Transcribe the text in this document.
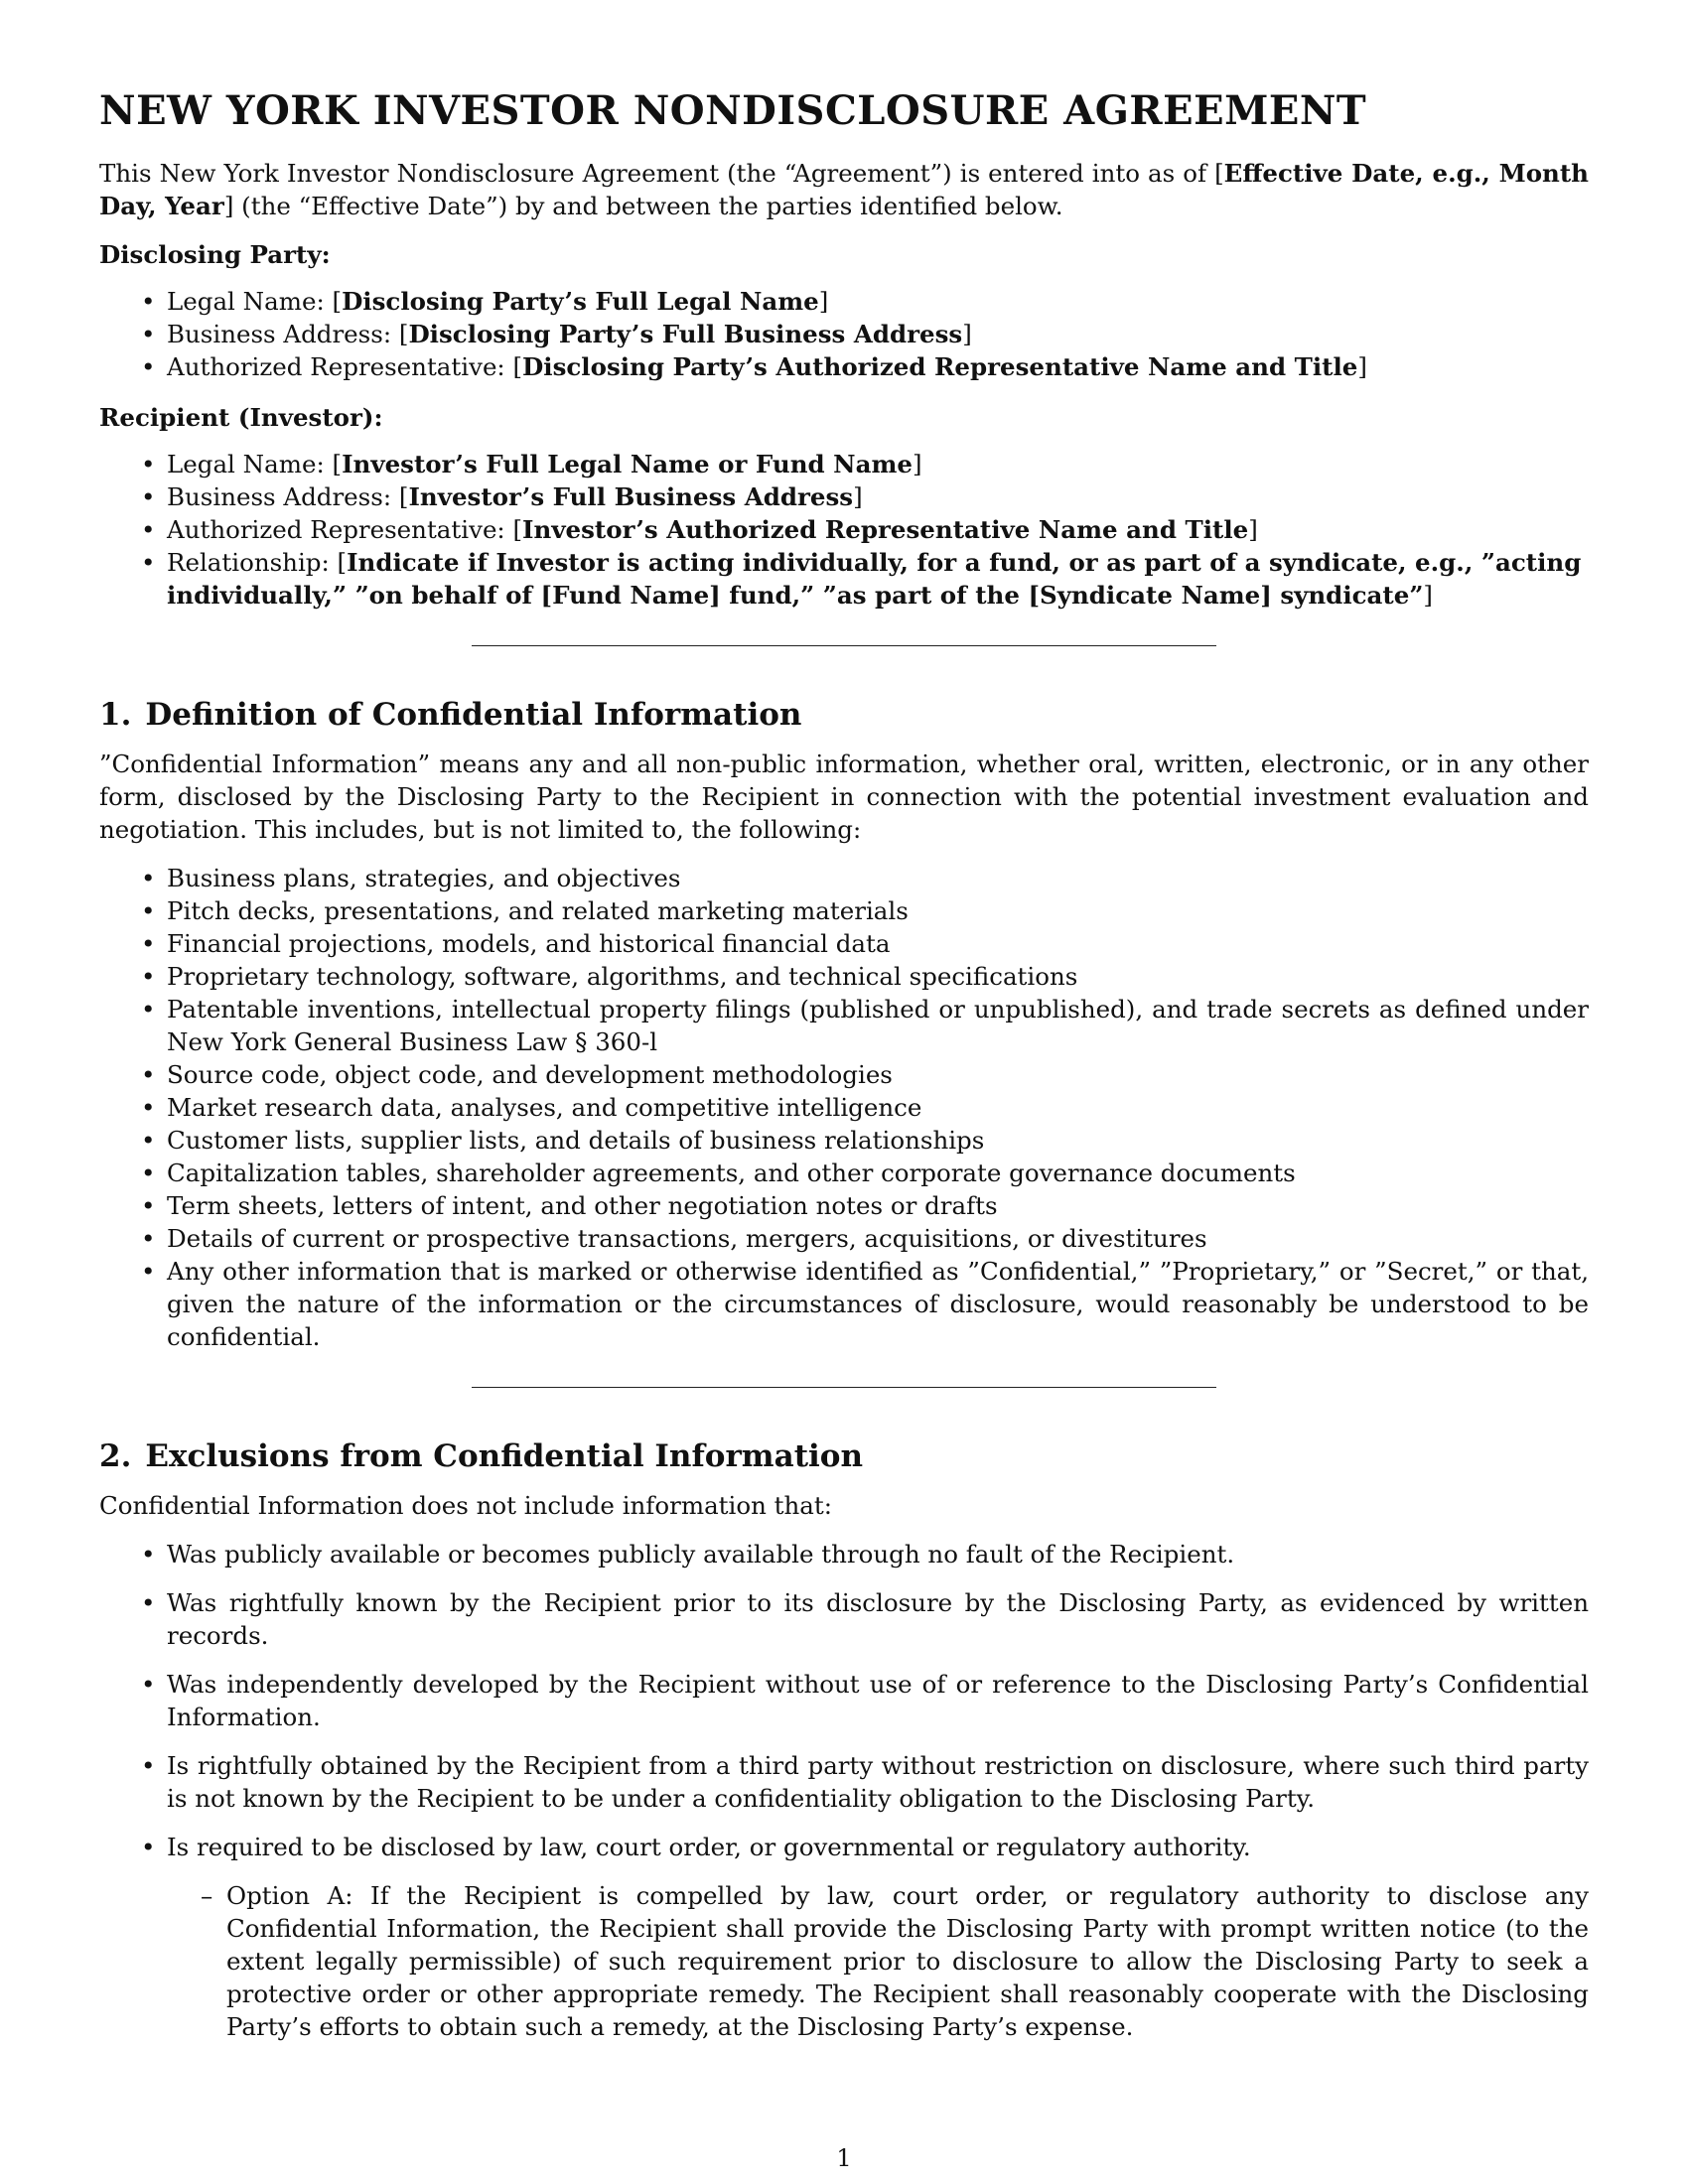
NEW YORK INVESTOR NONDISCLOSURE AGREEMENT

This New York Investor Nondisclosure Agreement (the “Agreement”) is entered into as of [Effective Date, e.g., Month Day, Year] (the “Effective Date”) by and between the parties identified below.

Disclosing Party:
• Legal Name: [Disclosing Party’s Full Legal Name]
• Business Address: [Disclosing Party’s Full Business Address]
• Authorized Representative: [Disclosing Party’s Authorized Representative Name and Title]
Recipient (Investor):
• Legal Name: [Investor’s Full Legal Name or Fund Name]
• Business Address: [Investor’s Full Business Address]
• Authorized Representative: [Investor’s Authorized Representative Name and Title]
• Relationship: [Indicate if Investor is acting individually, for a fund, or as part of a syndicate, e.g., ”acting individually,” ”on behalf of [Fund Name] fund,” ”as part of the [Syndicate Name] syndicate”]
1. Definition of Confidential Information

”Confidential Information” means any and all non-public information, whether oral, written, electronic, or in any other form, disclosed by the Disclosing Party to the Recipient in connection with the potential investment evaluation and negotiation. This includes, but is not limited to, the following:

• Business plans, strategies, and objectives
• Pitch decks, presentations, and related marketing materials
• Financial projections, models, and historical financial data
• Proprietary technology, software, algorithms, and technical specifications
• Patentable inventions, intellectual property filings (published or unpublished), and trade secrets as defined under New York General Business Law § 360-l
• Source code, object code, and development methodologies
• Market research data, analyses, and competitive intelligence
• Customer lists, supplier lists, and details of business relationships
• Capitalization tables, shareholder agreements, and other corporate governance documents
• Term sheets, letters of intent, and other negotiation notes or drafts
• Details of current or prospective transactions, mergers, acquisitions, or divestitures
• Any other information that is marked or otherwise identified as ”Confidential,” ”Proprietary,” or ”Secret,” or that, given the nature of the information or the circumstances of disclosure, would reasonably be understood to be confidential.
2. Exclusions from Confidential Information

Confidential Information does not include information that:

• Was publicly available or becomes publicly available through no fault of the Recipient.
• Was rightfully known by the Recipient prior to its disclosure by the Disclosing Party, as evidenced by written records.
• Was independently developed by the Recipient without use of or reference to the Disclosing Party’s Confidential Information.
• Is rightfully obtained by the Recipient from a third party without restriction on disclosure, where such third party is not known by the Recipient to be under a confidentiality obligation to the Disclosing Party.
• Is required to be disclosed by law, court order, or governmental or regulatory authority.
– Option A: If the Recipient is compelled by law, court order, or regulatory authority to disclose any Confidential Information, the Recipient shall provide the Disclosing Party with prompt written notice (to the extent legally permissible) of such requirement prior to disclosure to allow the Disclosing Party to seek a protective order or other appropriate remedy. The Recipient shall reasonably cooperate with the Disclosing Party’s efforts to obtain such a remedy, at the Disclosing Party’s expense.
1
